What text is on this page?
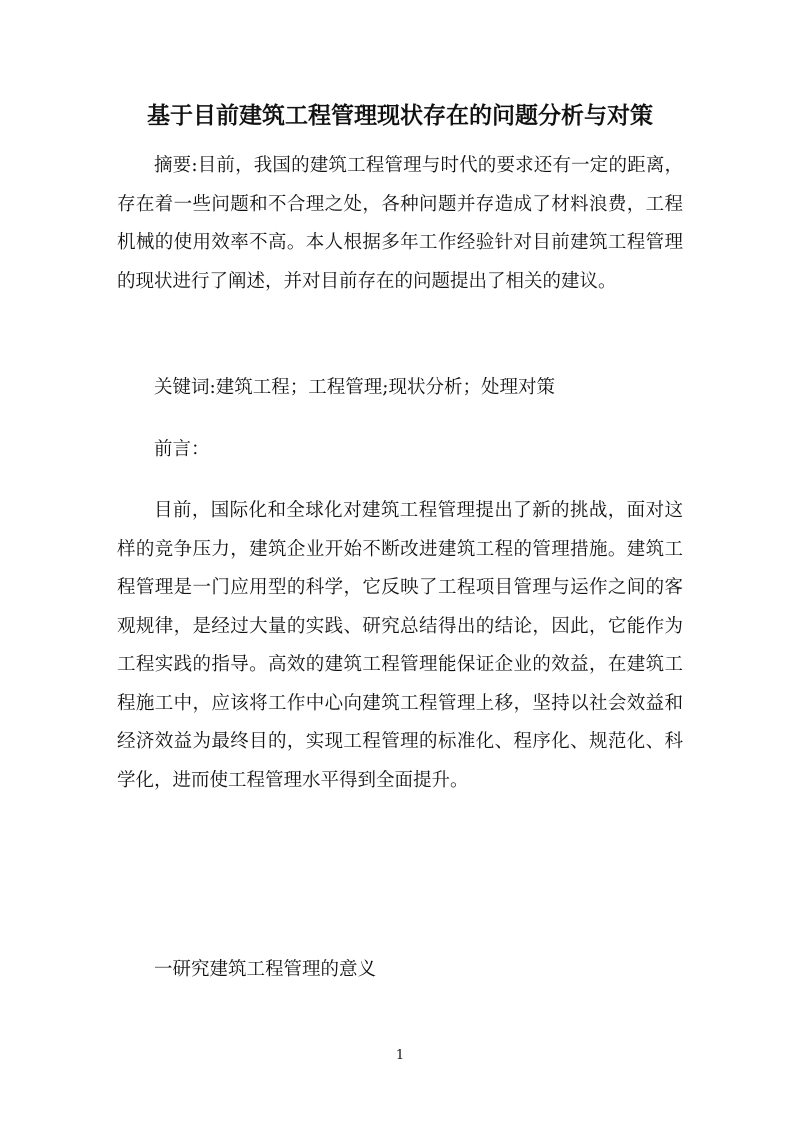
基于目前建筑工程管理现状存在的问题分析与对策

摘要:目前，我国的建筑工程管理与时代的要求还有一定的距离，存在着一些问题和不合理之处，各种问题并存造成了材料浪费，工程机械的使用效率不高。本人根据多年工作经验针对目前建筑工程管理的现状进行了阐述，并对目前存在的问题提出了相关的建议。

关键词:建筑工程；工程管理;现状分析；处理对策

前言：

目前，国际化和全球化对建筑工程管理提出了新的挑战，面对这样的竞争压力，建筑企业开始不断改进建筑工程的管理措施。建筑工程管理是一门应用型的科学，它反映了工程项目管理与运作之间的客观规律，是经过大量的实践、研究总结得出的结论，因此，它能作为工程实践的指导。高效的建筑工程管理能保证企业的效益，在建筑工程施工中，应该将工作中心向建筑工程管理上移，坚持以社会效益和经济效益为最终目的，实现工程管理的标准化、程序化、规范化、科学化，进而使工程管理水平得到全面提升。

一研究建筑工程管理的意义

1
